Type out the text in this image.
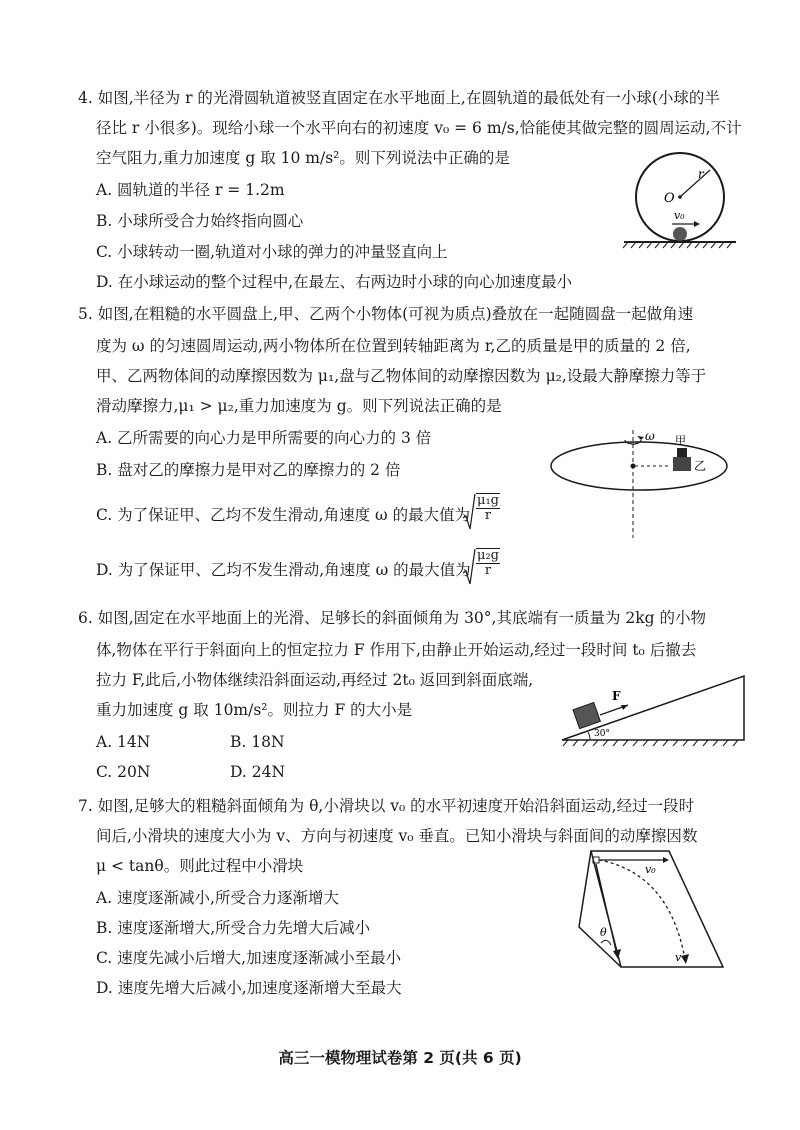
4. 如图,半径为 r 的光滑圆轨道被竖直固定在水平地面上,在圆轨道的最低处有一小球(小球的半
径比 r 小很多)。现给小球一个水平向右的初速度 v₀ = 6 m/s,恰能使其做完整的圆周运动,不计
空气阻力,重力加速度 g 取 10 m/s²。则下列说法中正确的是
A. 圆轨道的半径 r = 1.2m
B. 小球所受合力始终指向圆心
C. 小球转动一圈,轨道对小球的弹力的冲量竖直向上
D. 在小球运动的整个过程中,在最左、右两边时小球的向心加速度最小
O
r
v₀
5. 如图,在粗糙的水平圆盘上,甲、乙两个小物体(可视为质点)叠放在一起随圆盘一起做角速
度为 ω 的匀速圆周运动,两小物体所在位置到转轴距离为 r,乙的质量是甲的质量的 2 倍,
甲、乙两物体间的动摩擦因数为 μ₁,盘与乙物体间的动摩擦因数为 μ₂,设最大静摩擦力等于
滑动摩擦力,μ₁ > μ₂,重力加速度为 g。则下列说法正确的是
A. 乙所需要的向心力是甲所需要的向心力的 3 倍
B. 盘对乙的摩擦力是甲对乙的摩擦力的 2 倍
C. 为了保证甲、乙均不发生滑动,角速度 ω 的最大值为 $\frac{\text{μ₁g}}{r}$
D. 为了保证甲、乙均不发生滑动,角速度 ω 的最大值为 $\frac{\text{μ₂g}}{r}$
ω 甲
乙
6. 如图,固定在水平地面上的光滑、足够长的斜面倾角为 30°,其底端有一质量为 2kg 的小物
体,物体在平行于斜面向上的恒定拉力 F 作用下,由静止开始运动,经过一段时间 t₀ 后撤去
拉力 F,此后,小物体继续沿斜面运动,再经过 2t₀ 返回到斜面底端,
重力加速度 g 取 10m/s²。则拉力 F 的大小是
A. 14N	B. 18N
C. 20N	D. 24N
F
30°
7. 如图,足够大的粗糙斜面倾角为 θ,小滑块以 v₀ 的水平初速度开始沿斜面运动,经过一段时
间后,小滑块的速度大小为 v、方向与初速度 v₀ 垂直。已知小滑块与斜面间的动摩擦因数
μ < tanθ。则此过程中小滑块
A. 速度逐渐减小,所受合力逐渐增大
B. 速度逐渐增大,所受合力先增大后减小
C. 速度先减小后增大,加速度逐渐减小至最小
D. 速度先增大后减小,加速度逐渐增大至最大
θ
v₀
v
高三一模物理试卷第 2 页(共 6 页)
